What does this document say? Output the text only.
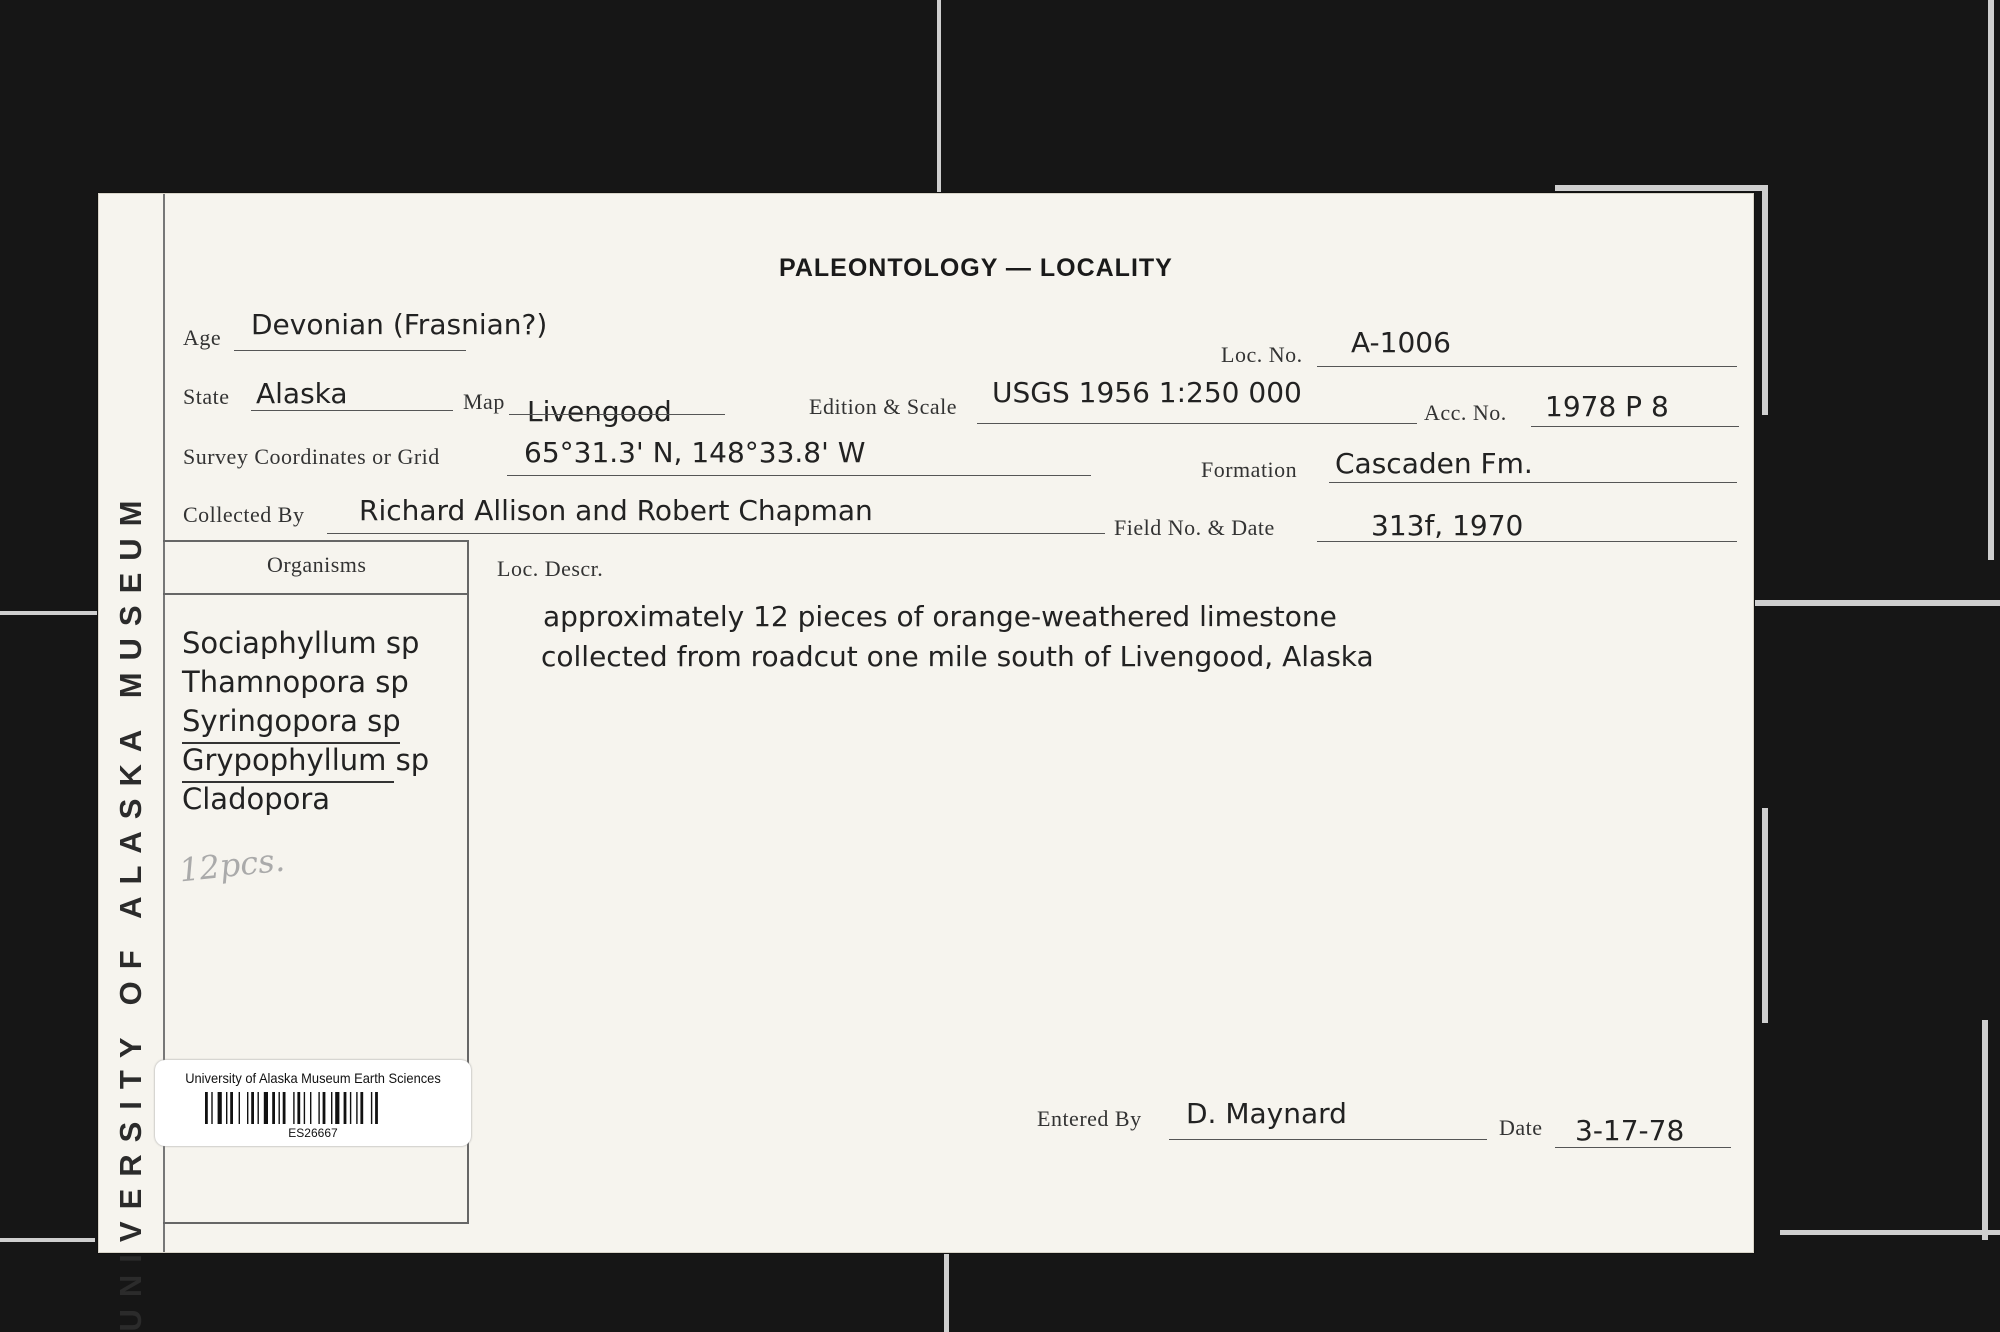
UNIVERSITY OF ALASKA MUSEUM
PALEONTOLOGY — LOCALITY
Age Devonian (Frasnian?)
Loc. No. A-1006
State Alaska	Map Livengood	Edition & Scale USGS 1956 1:250 000
Acc. No. 1978 P 8
Survey Coordinates or Grid	65°31.3' N, 148°33.8' W
Formation Cascaden Fm.
Collected By Richard Allison and Robert Chapman
Field No. & Date	313f, 1970
Organisms
Sociaphyllum sp
Thamnopora sp
Syringopora sp
Grypophyllum sp
Cladopora
12pcs.
Loc. Descr.
approximately 12 pieces of orange-weathered limestone
collected from roadcut one mile south of Livengood, Alaska
Entered By D. Maynard	Date 3-17-78
University of Alaska Museum Earth Sciences
ES26667
